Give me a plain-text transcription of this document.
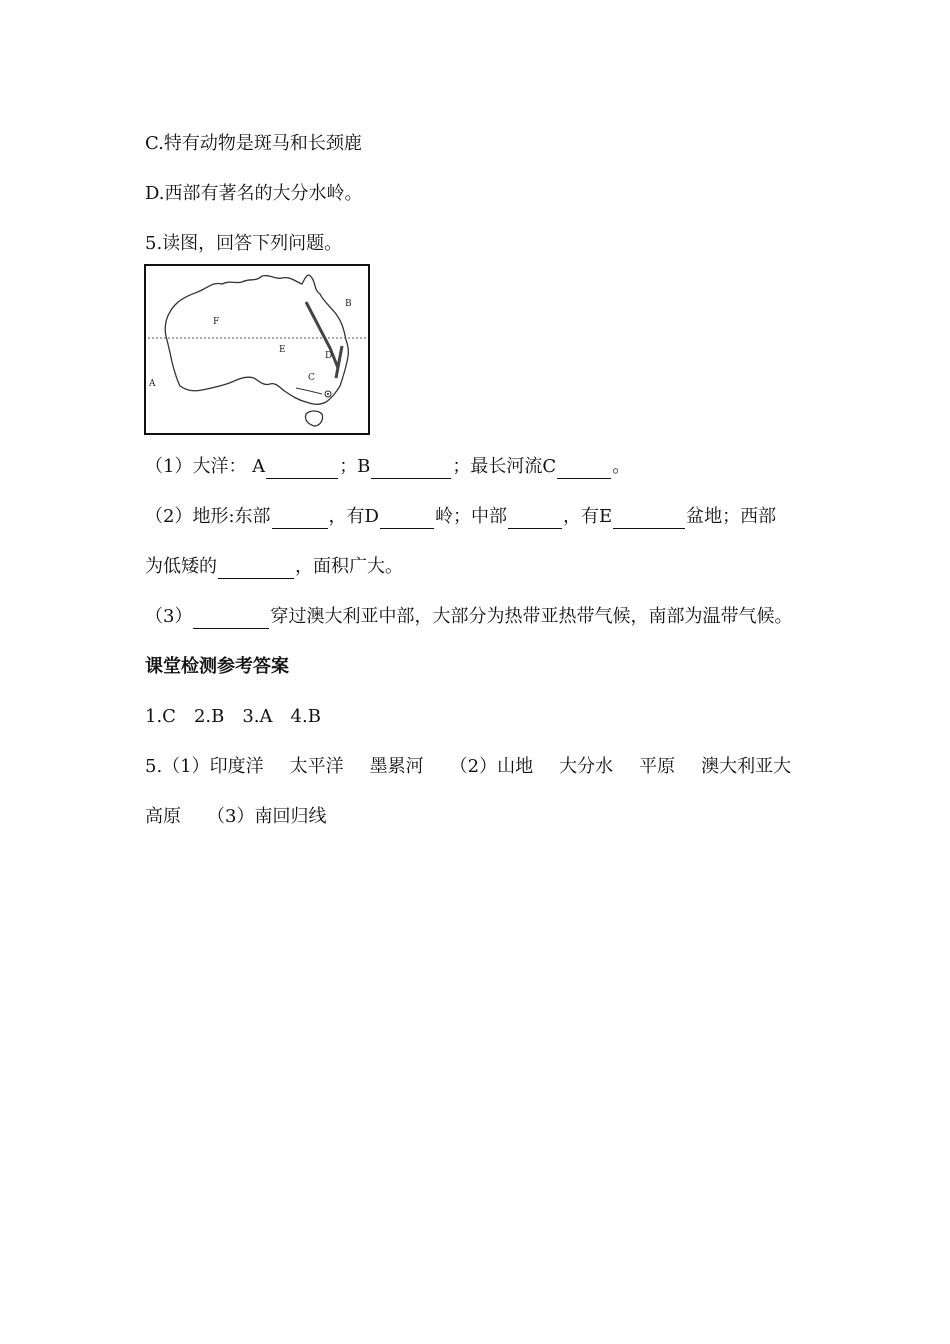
C.特有动物是斑马和长颈鹿
D.西部有著名的大分水岭。
5.读图，回答下列问题。
B
F
E
D
C
A
（1）大洋： A	；B	；最长河流C	。
（2）地形:东部	，有D	岭；中部	，有E	盆地；西部
为低矮的	，面积广大。
（3）	穿过澳大利亚中部，大部分为热带亚热带气候，南部为温带气候。
课堂检测参考答案
1.C 2.B 3.A 4.B
5.（1）印度洋 太平洋 墨累河 （2）山地 大分水 平原 澳大利亚大
高原 （3）南回归线
